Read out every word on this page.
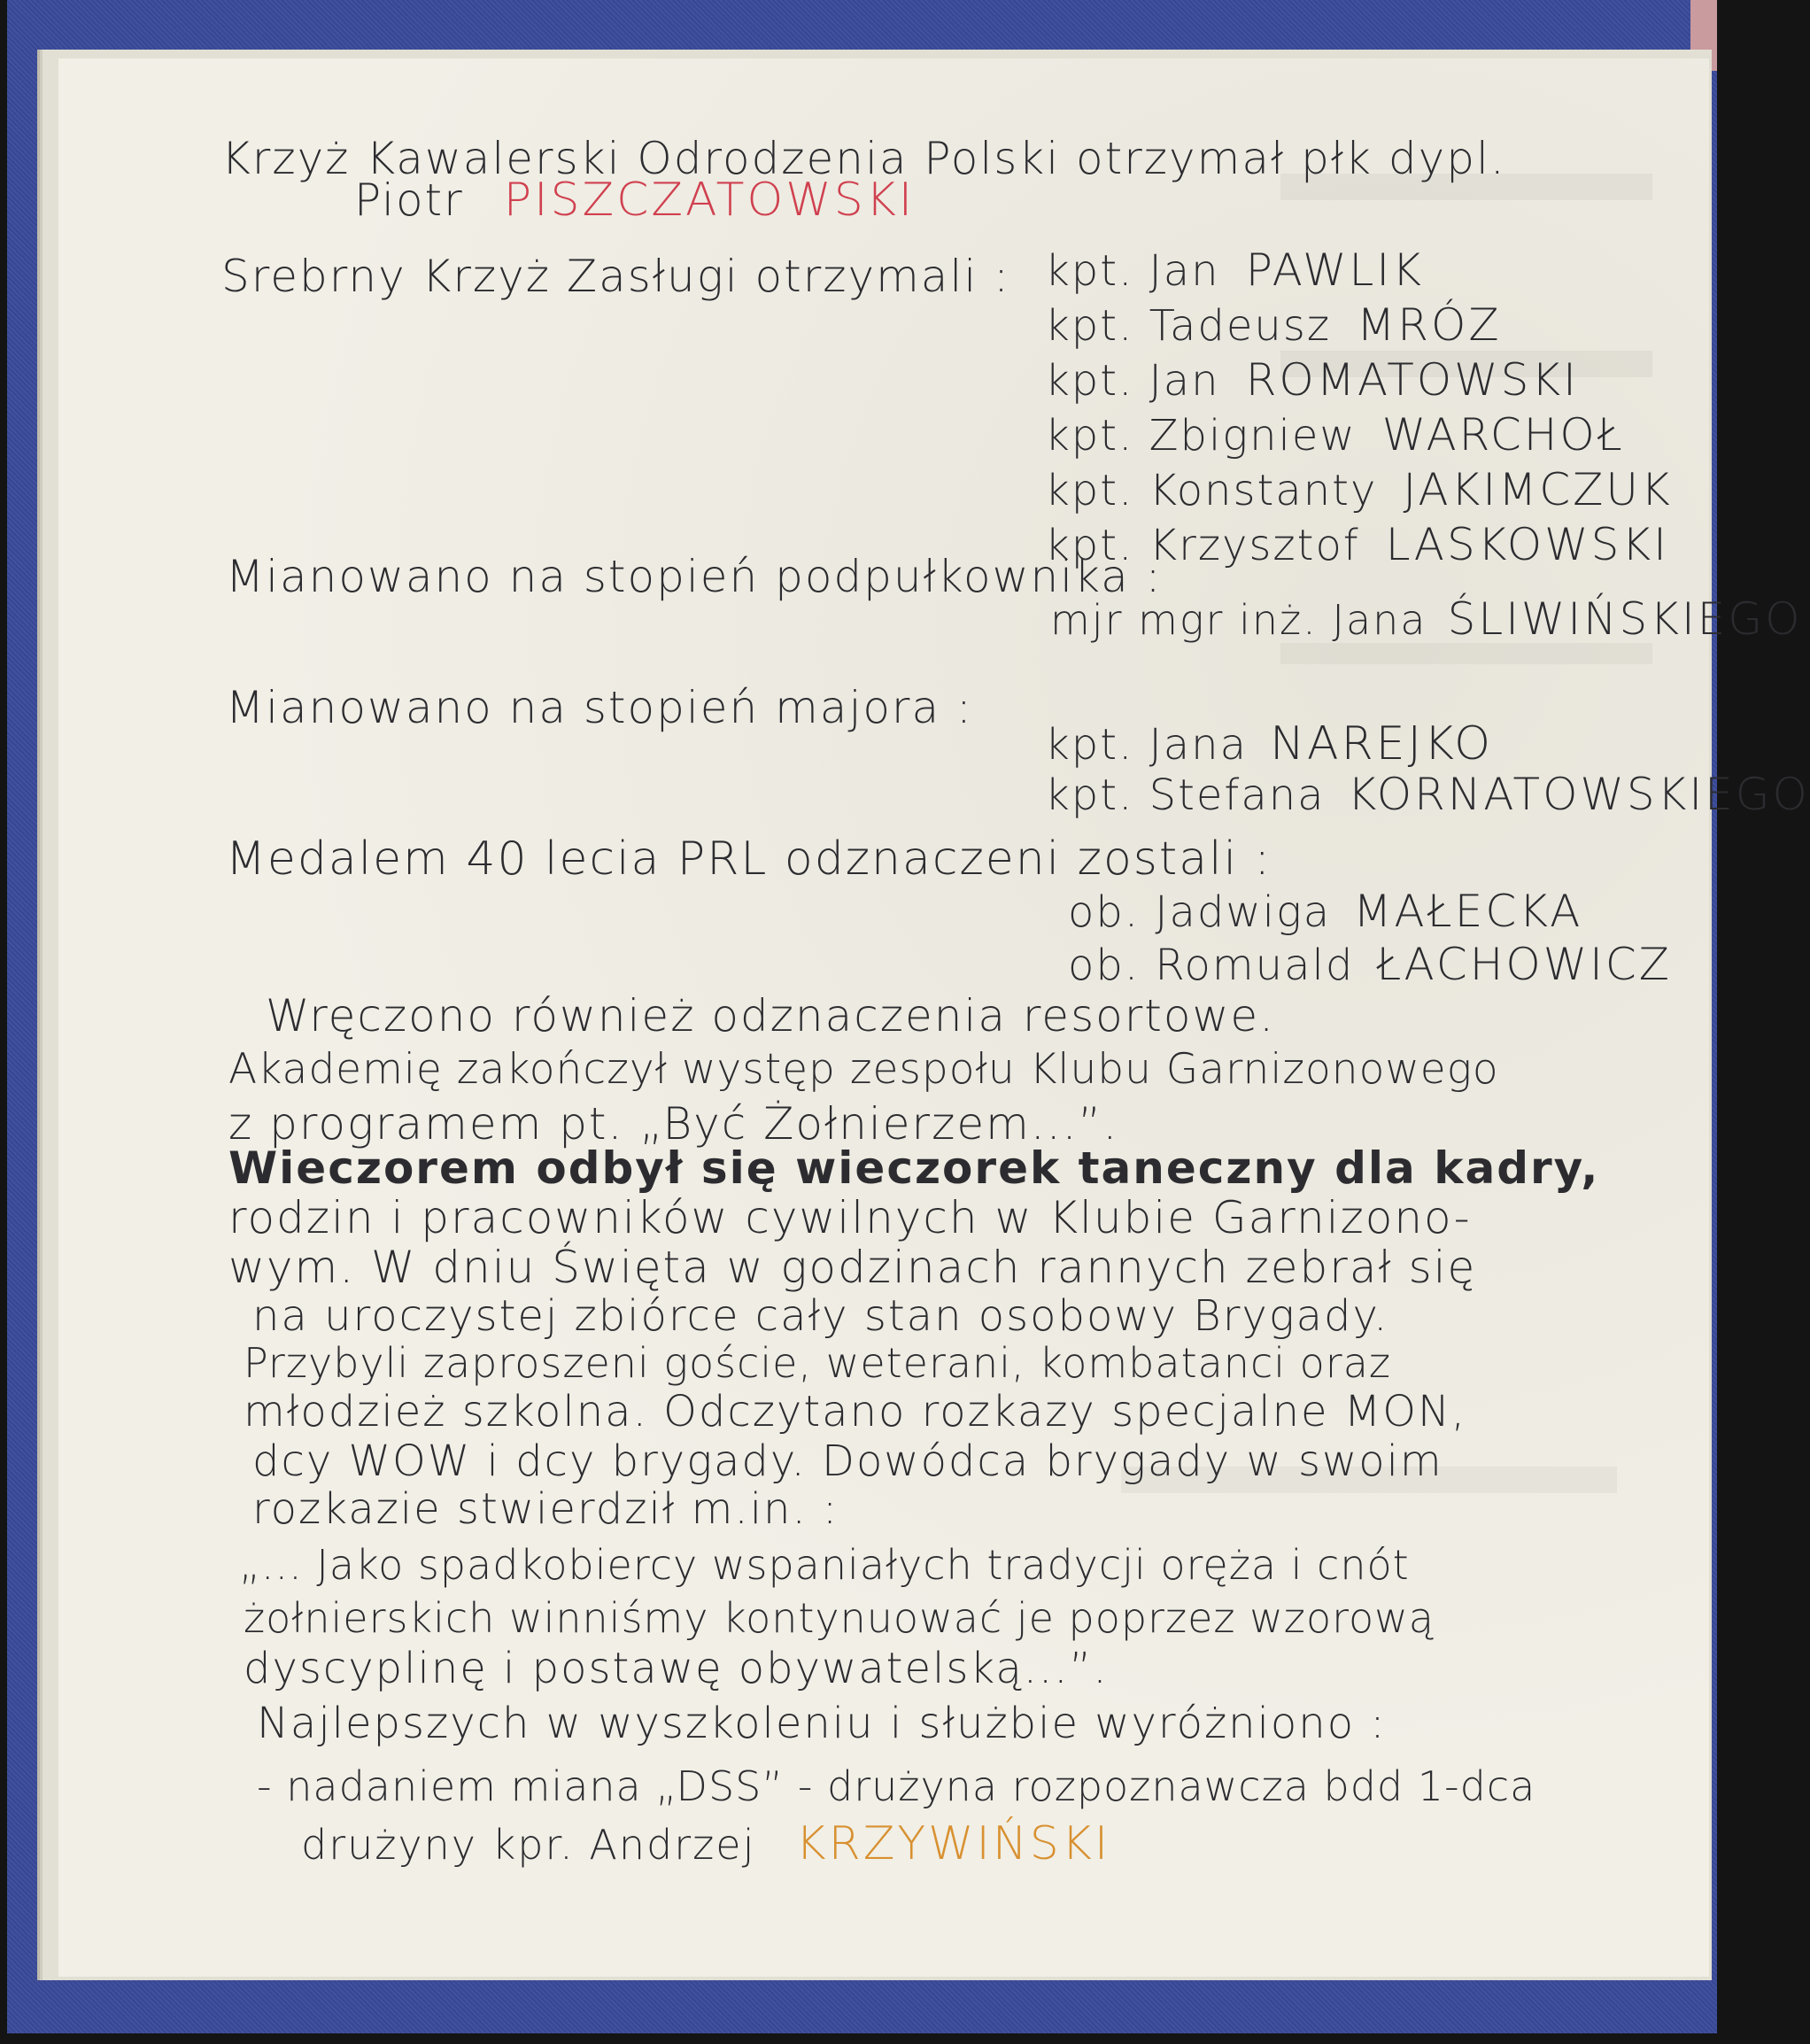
Krzyż Kawalerski Odrodzenia Polski otrzymał płk dypl.

Piotr PISZCZATOWSKI

Srebrny Krzyż Zasługi otrzymali : kpt. Jan PAWLIK
kpt. Tadeusz MRÓZ
kpt. Jan ROMATOWSKI
kpt. Zbigniew WARCHOŁ
kpt. Konstanty JAKIMCZUK
kpt. Krzysztof LASKOWSKI

Mianowano na stopień podpułkownika :

mjr mgr inż. Jana ŚLIWIŃSKIEGO

Mianowano na stopień majora :

kpt. Jana NAREJKO
kpt. Stefana KORNATOWSKIEGO

Medalem 40 lecia PRL odznaczeni zostali :

ob. Jadwiga MAŁECKA
ob. Romuald ŁACHOWICZ

Wręczono również odznaczenia resortowe.

Akademię zakończył występ zespołu Klubu Garnizonowego

z programem pt. „Być Żołnierzem...”.

Wieczorem odbył się wieczorek taneczny dla kadry,

rodzin i pracowników cywilnych w Klubie Garnizono-

wym. W dniu Święta w godzinach rannych zebrał się

na uroczystej zbiórce cały stan osobowy Brygady.

Przybyli zaproszeni goście, weterani, kombatanci oraz

młodzież szkolna. Odczytano rozkazy specjalne MON,

dcy WOW i dcy brygady. Dowódca brygady w swoim

rozkazie stwierdził m.in. :

„... Jako spadkobiercy wspaniałych tradycji oręża i cnót

żołnierskich winniśmy kontynuować je poprzez wzorową

dyscyplinę i postawę obywatelską...”.

Najlepszych w wyszkoleniu i służbie wyróżniono :

- nadaniem miana „DSS” - drużyna rozpoznawcza bdd 1-dca

drużyny kpr. Andrzej KRZYWIŃSKI
